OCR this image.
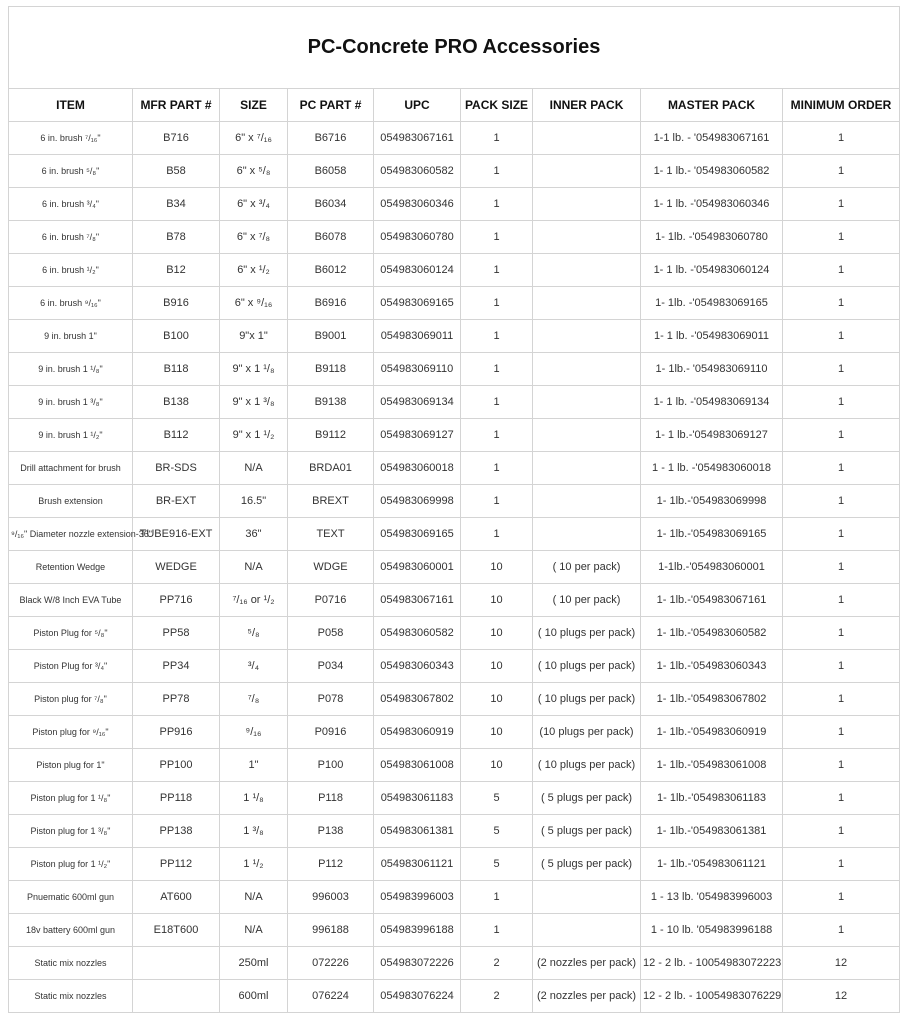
PC-Concrete PRO Accessories								
ITEM	MFR PART #	SIZE	PC PART #	UPC	PACK SIZE	INNER PACK	MASTER PACK	MINIMUM ORDER
6 in. brush ⁷/₁₆"	B716	6" x ⁷/₁₆	B6716	054983067161	1		1-1 lb. - '054983067161	1
6 in. brush ⁵/₈"	B58	6" x ⁵/₈	B6058	054983060582	1		1- 1 lb.- '054983060582	1
6 in. brush ³/₄"	B34	6" x ³/₄	B6034	054983060346	1		1- 1 lb. -'054983060346	1
6 in. brush ⁷/₈"	B78	6" x ⁷/₈	B6078	054983060780	1		1- 1lb. -'054983060780	1
6 in. brush ¹/₂"	B12	6" x ¹/₂	B6012	054983060124	1		1- 1 lb. -'054983060124	1
6 in. brush ⁹/₁₆"	B916	6" x ⁹/₁₆	B6916	054983069165	1		1- 1lb. -'054983069165	1
9 in. brush 1"	B100	9"x 1"	B9001	054983069011	1		1- 1 lb. -'054983069011	1
9 in. brush 1 ¹/₈"	B118	9" x 1 ¹/₈	B9118	054983069110	1		1- 1lb.- '054983069110	1
9 in. brush 1 ³/₈"	B138	9" x 1 ³/₈	B9138	054983069134	1		1- 1 lb. -'054983069134	1
9 in. brush 1 ¹/₂"	B112	9" x 1 ¹/₂	B9112	054983069127	1		1- 1 lb.-'054983069127	1
Drill attachment for brush	BR-SDS	N/A	BRDA01	054983060018	1		1 - 1 lb. -'054983060018	1
Brush extension	BR-EXT	16.5"	BREXT	054983069998	1		1- 1lb.-'054983069998	1
⁹/₁₆" Diameter nozzle extension-36"	TUBE916-EXT	36"	TEXT	054983069165	1		1- 1lb.-'054983069165	1
Retention Wedge	WEDGE	N/A	WDGE	054983060001	10	( 10 per pack)	1-1lb.-'054983060001	1
Black W/8 Inch EVA Tube	PP716	⁷/₁₆ or ¹/₂	P0716	054983067161	10	( 10 per pack)	1- 1lb.-'054983067161	1
Piston Plug for ⁵/₈"	PP58	⁵/₈	P058	054983060582	10	( 10 plugs per pack)	1- 1lb.-'054983060582	1
Piston Plug for ³/₄"	PP34	³/₄	P034	054983060343	10	( 10 plugs per pack)	1- 1lb.-'054983060343	1
Piston plug for ⁷/₈"	PP78	⁷/₈	P078	054983067802	10	( 10 plugs per pack)	1- 1lb.-'054983067802	1
Piston plug for ⁹/₁₆"	PP916	⁹/₁₆	P0916	054983060919	10	(10 plugs per pack)	1- 1lb.-'054983060919	1
Piston plug for 1"	PP100	1"	P100	054983061008	10	( 10 plugs per pack)	1- 1lb.-'054983061008	1
Piston plug for 1 ¹/₈"	PP118	1 ¹/₈	P118	054983061183	5	( 5 plugs per pack)	1- 1lb.-'054983061183	1
Piston plug for 1 ³/₈"	PP138	1 ³/₈	P138	054983061381	5	( 5 plugs per pack)	1- 1lb.-'054983061381	1
Piston plug for 1 ¹/₂"	PP112	1 ¹/₂	P112	054983061121	5	( 5 plugs per pack)	1- 1lb.-'054983061121	1
Pnuematic 600ml gun	AT600	N/A	996003	054983996003	1		1 - 13 lb. '054983996003	1
18v battery 600ml gun	E18T600	N/A	996188	054983996188	1		1 - 10 lb. '054983996188	1
Static mix nozzles		250ml	072226	054983072226	2	(2 nozzles per pack)	12 - 2 lb. - 10054983072223	12
Static mix nozzles		600ml	076224	054983076224	2	(2 nozzles per pack)	12 - 2 lb. - 10054983076229	12
